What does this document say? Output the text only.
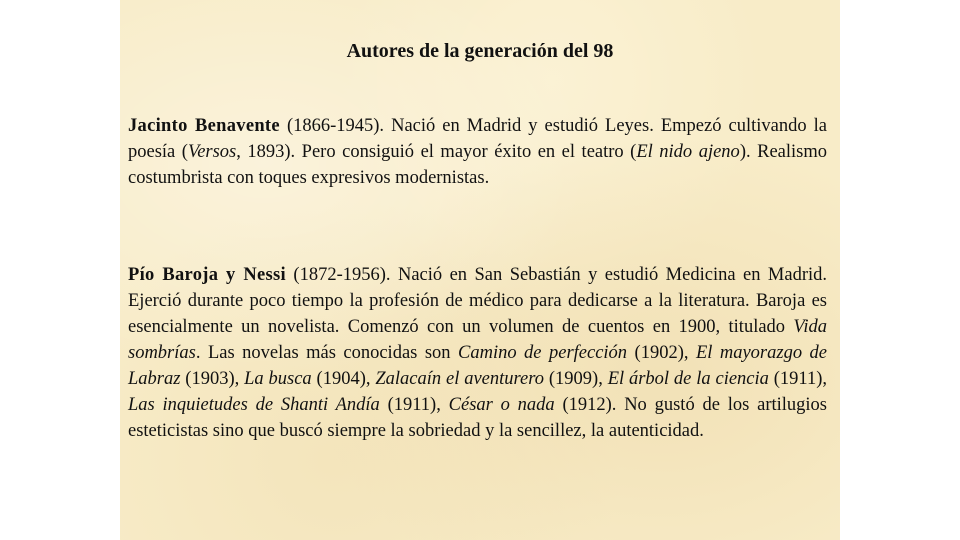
Autores de la generación del 98

Jacinto Benavente (1866-1945). Nació en Madrid y estudió Leyes. Empezó cultivando la poesía (Versos, 1893). Pero consiguió el mayor éxito en el teatro (El nido ajeno). Realismo costumbrista con toques expresivos modernistas.

Pío Baroja y Nessi (1872-1956). Nació en San Sebastián y estudió Medicina en Madrid. Ejerció durante poco tiempo la profesión de médico para dedicarse a la literatura. Baroja es esencialmente un novelista. Comenzó con un volumen de cuentos en 1900, titulado Vida sombrías. Las novelas más conocidas son Camino de perfección (1902), El mayorazgo de Labraz (1903), La busca (1904), Zalacaín el aventurero (1909), El árbol de la ciencia (1911), Las inquietudes de Shanti Andía (1911), César o nada (1912). No gustó de los artilugios esteticistas sino que buscó siempre la sobriedad y la sencillez, la autenticidad.
